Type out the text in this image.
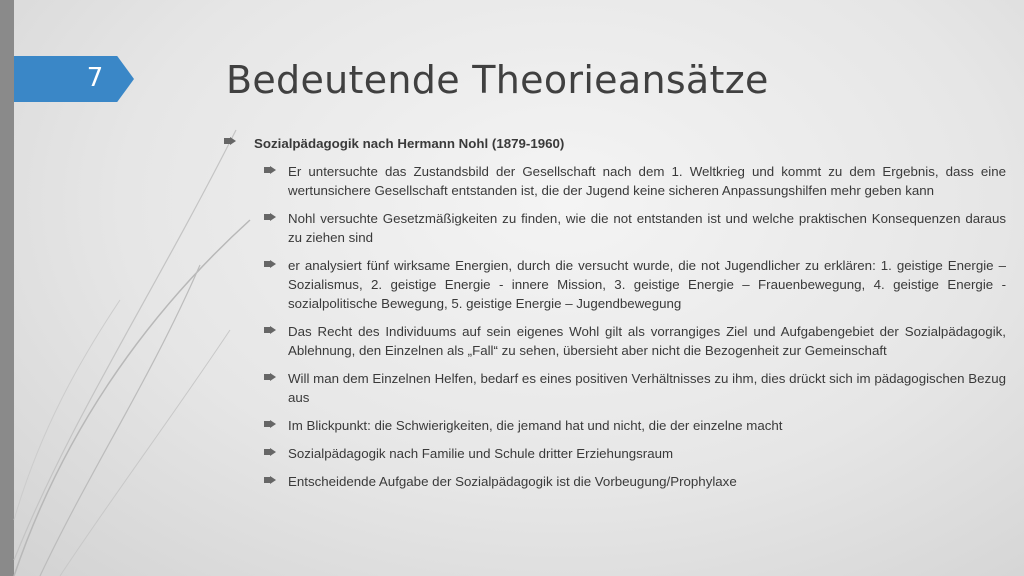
7	Bedeutende Theorieansätze
Sozialpädagogik nach Hermann Nohl (1879-1960)
Er untersuchte das Zustandsbild der Gesellschaft nach dem 1. Weltkrieg und kommt zu dem Ergebnis, dass eine wertunsichere Gesellschaft entstanden ist, die der Jugend keine sicheren Anpassungshilfen mehr geben kann
Nohl versuchte Gesetzmäßigkeiten zu finden, wie die not entstanden ist und welche praktischen Konsequenzen daraus zu ziehen sind
er analysiert fünf wirksame Energien, durch die versucht wurde, die not Jugendlicher zu erklären: 1. geistige Energie – Sozialismus, 2. geistige Energie - innere Mission, 3. geistige Energie – Frauenbewegung, 4. geistige Energie - sozialpolitische Bewegung, 5. geistige Energie – Jugendbewegung
Das Recht des Individuums auf sein eigenes Wohl gilt als vorrangiges Ziel und Aufgabengebiet der Sozialpädagogik, Ablehnung, den Einzelnen als „Fall“ zu sehen, übersieht aber nicht die Bezogenheit zur Gemeinschaft
Will man dem Einzelnen Helfen, bedarf es eines positiven Verhältnisses zu ihm, dies drückt sich im pädagogischen Bezug aus
Im Blickpunkt: die Schwierigkeiten, die jemand hat und nicht, die der einzelne macht
Sozialpädagogik nach Familie und Schule dritter Erziehungsraum
Entscheidende Aufgabe der Sozialpädagogik ist die Vorbeugung/Prophylaxe
